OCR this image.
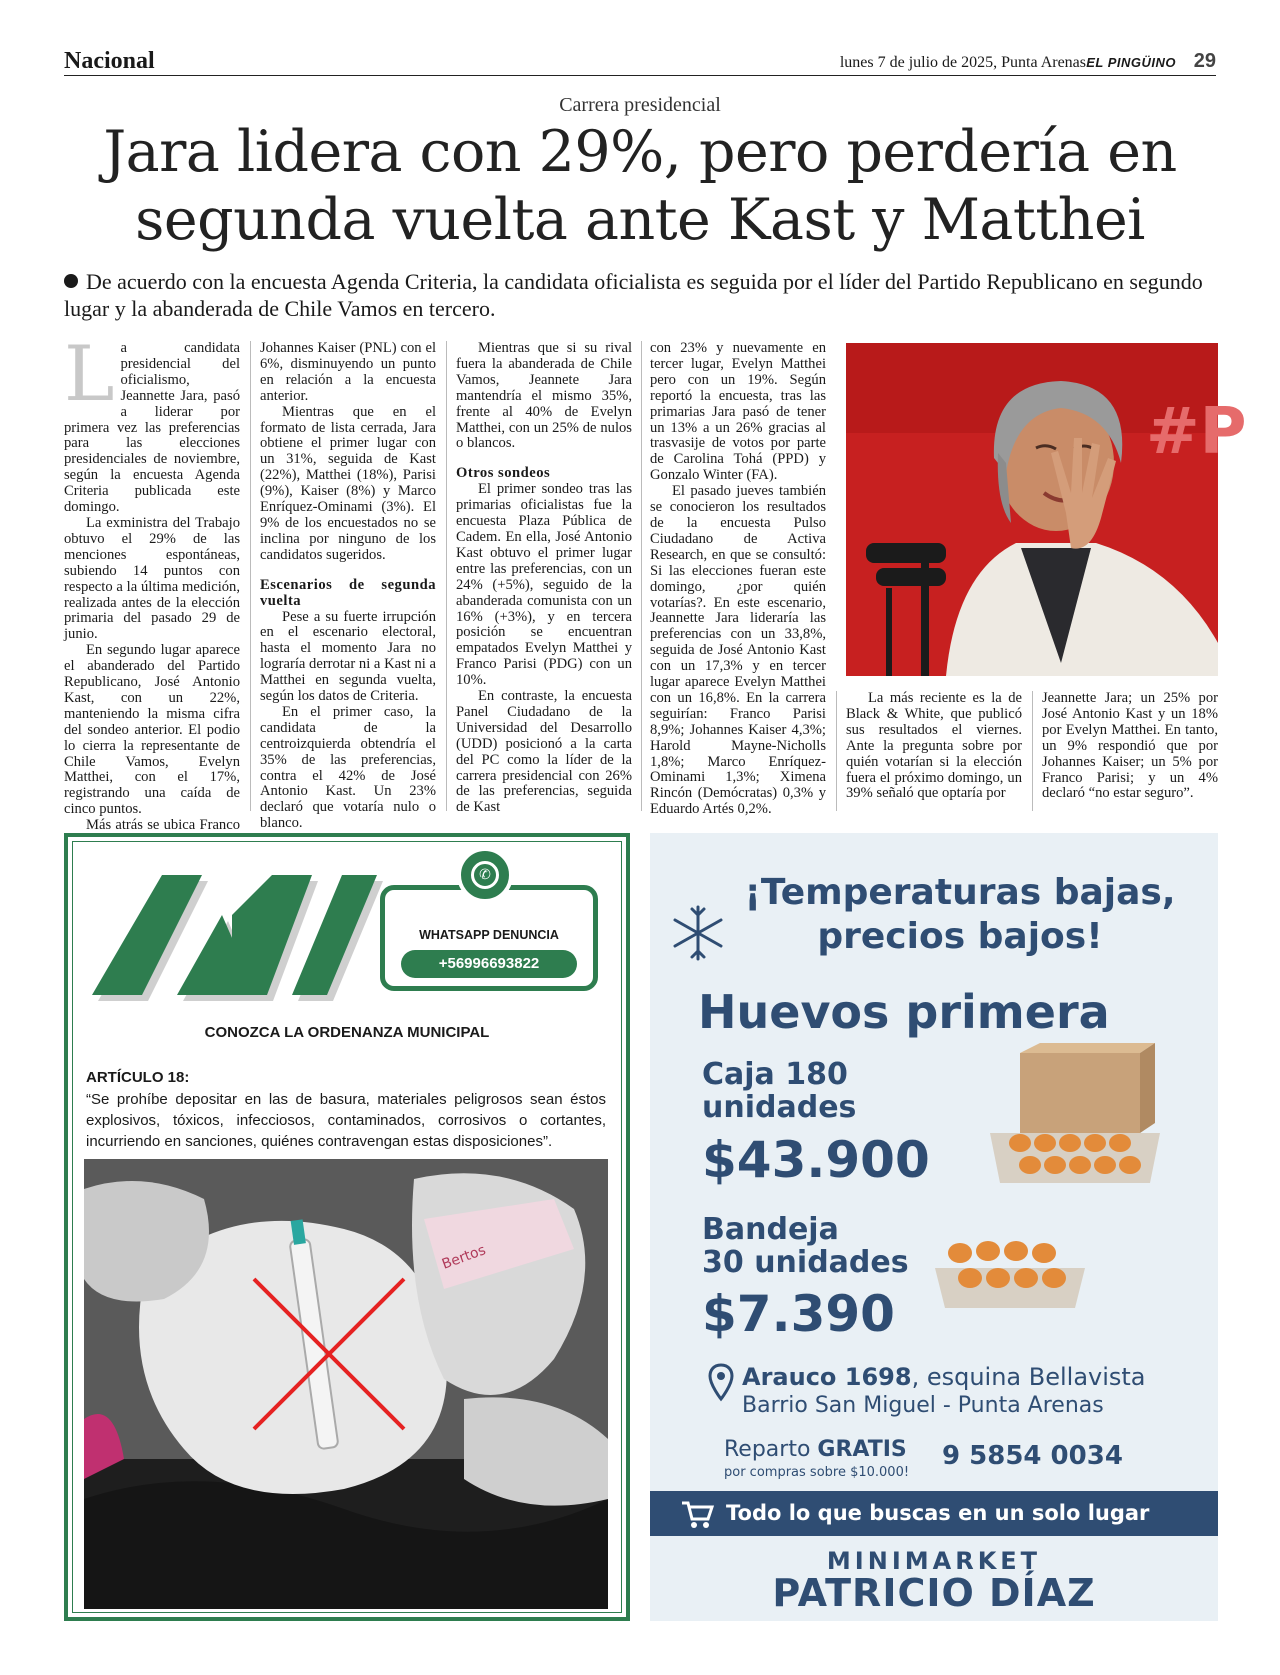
Nacional	lunes 7 de julio de 2025, Punta Arenas EL PINGÜINO 29
Carrera presidencial
Jara lidera con 29%, pero perdería en
segunda vuelta ante Kast y Matthei
De acuerdo con la encuesta Agenda Criteria, la candidata oficialista es seguida por el líder del Partido Republicano en segundo lugar y la abanderada de Chile Vamos en tercero.

La candidata presidencial del oficialismo, Jeannette Jara, pasó a liderar por primera vez las preferencias para las elecciones presidenciales de noviembre, según la encuesta Agenda Criteria publicada este domingo.

La exministra del Trabajo obtuvo el 29% de las menciones espontáneas, subiendo 14 puntos con respecto a la última medición, realizada antes de la elección primaria del pasado 29 de junio.

En segundo lugar aparece el abanderado del Partido Republicano, José Antonio Kast, con un 22%, manteniendo la misma cifra del sondeo anterior. El podio lo cierra la representante de Chile Vamos, Evelyn Matthei, con el 17%, registrando una caída de cinco puntos.

Más atrás se ubica Franco

Johannes Kaiser (PNL) con el 6%, disminuyendo un punto en relación a la encuesta anterior.

Mientras que en el formato de lista cerrada, Jara obtiene el primer lugar con un 31%, seguida de Kast (22%), Matthei (18%), Parisi (9%), Kaiser (8%) y Marco Enríquez-Ominami (3%). El 9% de los encuestados no se inclina por ninguno de los candidatos sugeridos.

Escenarios de segunda vuelta

Pese a su fuerte irrupción en el escenario electoral, hasta el momento Jara no lograría derrotar ni a Kast ni a Matthei en segunda vuelta, según los datos de Criteria.

En el primer caso, la candidata de la centroizquierda obtendría el 35% de las preferencias, contra el 42% de José Antonio Kast. Un 23% declaró que votaría nulo o blanco.

Mientras que si su rival fuera la abanderada de Chile Vamos, Jeannete Jara mantendría el mismo 35%, frente al 40% de Evelyn Matthei, con un 25% de nulos o blancos.

Otros sondeos

El primer sondeo tras las primarias oficialistas fue la encuesta Plaza Pública de Cadem. En ella, José Antonio Kast obtuvo el primer lugar entre las preferencias, con un 24% (+5%), seguido de la abanderada comunista con un 16% (+3%), y en tercera posición se encuentran empatados Evelyn Matthei y Franco Parisi (PDG) con un 10%.

En contraste, la encuesta Panel Ciudadano de la Universidad del Desarrollo (UDD) posicionó a la carta del PC como la líder de la carrera presidencial con 26% de las preferencias, seguida de Kast

con 23% y nuevamente en tercer lugar, Evelyn Matthei pero con un 19%. Según reportó la encuesta, tras las primarias Jara pasó de tener un 13% a un 26% gracias al trasvasije de votos por parte de Carolina Tohá (PPD) y Gonzalo Winter (FA).

El pasado jueves también se conocieron los resultados de la encuesta Pulso Ciudadano de Activa Research, en que se consultó: Si las elecciones fueran este domingo, ¿por quién votarías?. En este escenario, Jeannette Jara lideraría las preferencias con un 33,8%, seguida de José Antonio Kast con un 17,3% y en tercer lugar aparece Evelyn Matthei con un 16,8%. En la carrera seguirían: Franco Parisi 8,9%; Johannes Kaiser 4,3%; Harold Mayne-Nicholls 1,8%; Marco Enríquez-Ominami 1,3%; Ximena Rincón (Demócratas) 0,3% y Eduardo Artés 0,2%.

#P

La más reciente es la de Black & White, que publicó sus resultados el viernes. Ante la pregunta sobre por quién votarían si la elección fuera el próximo domingo, un 39% señaló que optaría por

Jeannette Jara; un 25% por José Antonio Kast y un 18% por Evelyn Matthei. En tanto, un 9% respondió que por Johannes Kaiser; un 5% por Franco Parisi; y un 4% declaró “no estar seguro”.

WHATSAPP DENUNCIA
+56996693822
✆
CONOZCA LA ORDENANZA MUNICIPAL
ARTÍCULO 18:
“Se prohíbe depositar en las de basura, materiales peligrosos sean éstos explosivos, tóxicos, infecciosos, contaminados, corrosivos o cortantes, incurriendo en sanciones, quiénes contravengan estas disposiciones”.
Bertos
¡Temperaturas bajas,
precios bajos!
Huevos primera
Caja 180
unidades
$43.900
Bandeja
30 unidades
$7.390
Arauco 1698, esquina Bellavista
Barrio San Miguel - Punta Arenas
Reparto GRATIS
por compras sobre $10.000!
9 5854 0034
Todo lo que buscas en un solo lugar
MINIMARKET
PATRICIO DÍAZ
